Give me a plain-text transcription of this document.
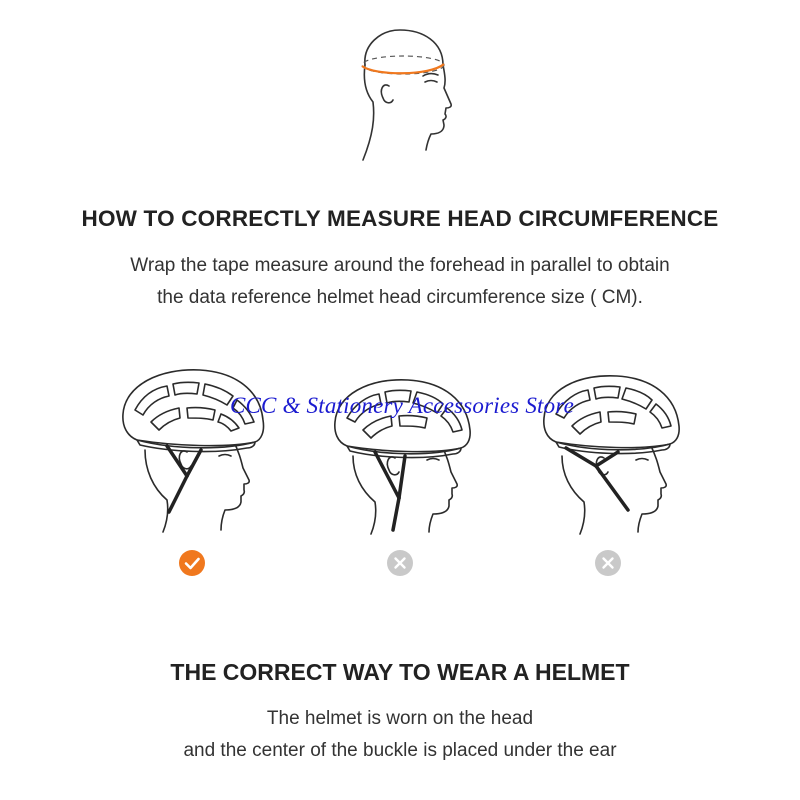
HOW TO CORRECTLY MEASURE HEAD CIRCUMFERENCE
Wrap the tape measure around the forehead in parallel to obtain
the data reference helmet head circumference size ( CM).
CCC & Stationery Accessories Store
THE CORRECT WAY TO WEAR A HELMET
The helmet is worn on the head
and the center of the buckle is placed under the ear
